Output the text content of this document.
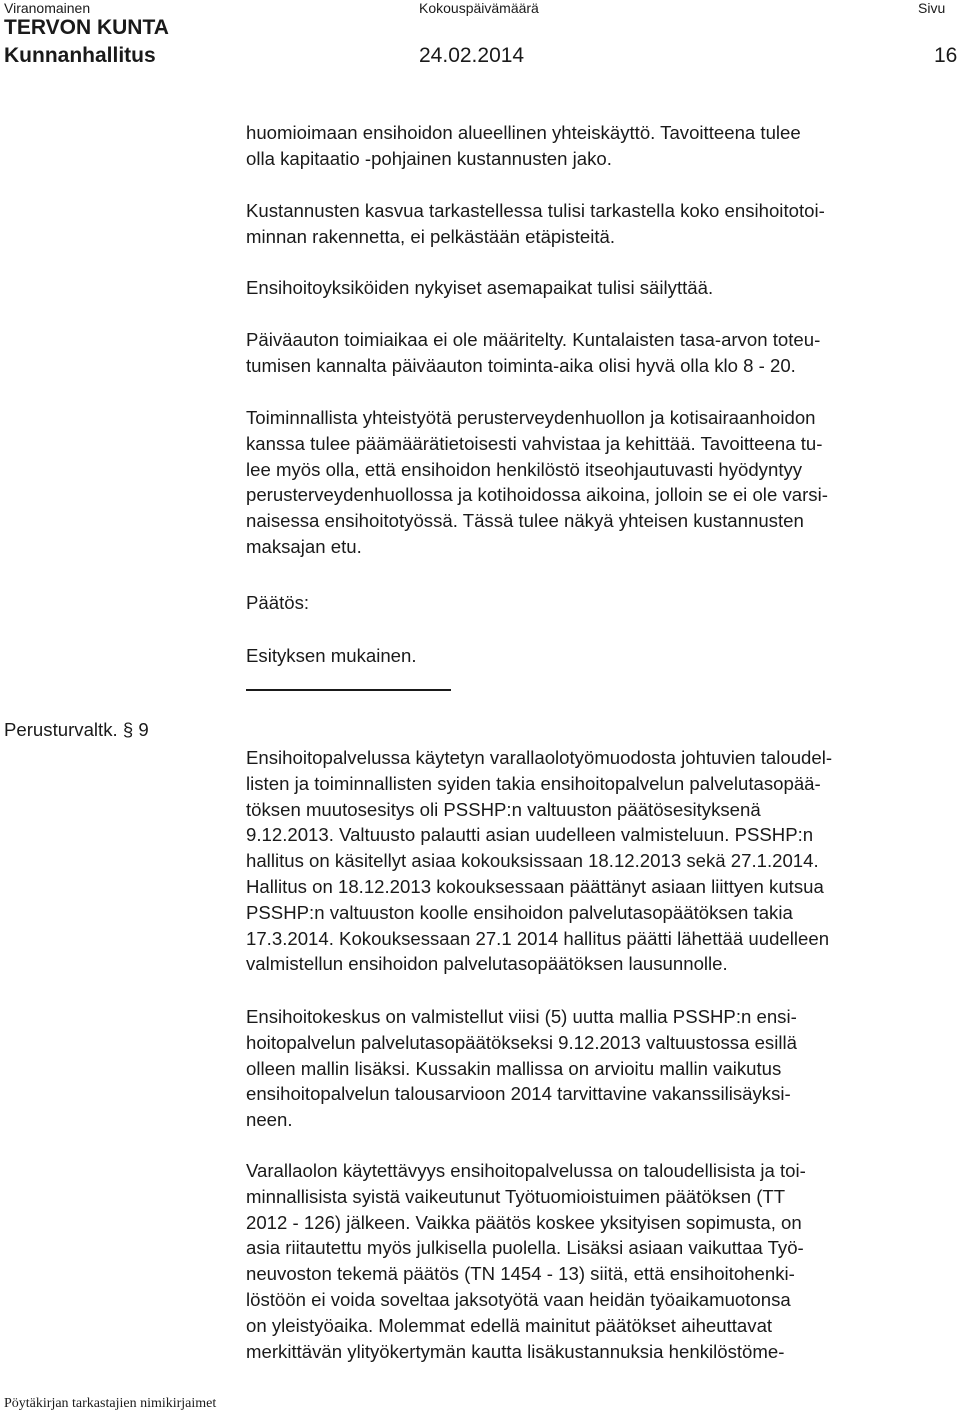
Viranomainen	Kokouspäivämäärä	Sivu
TERVON KUNTA
Kunnanhallitus	24.02.2014	16
huomioimaan ensihoidon alueellinen yhteiskäyttö. Tavoitteena tulee
olla kapitaatio -pohjainen kustannusten jako.
Kustannusten kasvua tarkastellessa tulisi tarkastella koko ensihoitotoi-
minnan rakennetta, ei pelkästään etäpisteitä.
Ensihoitoyksiköiden nykyiset asemapaikat tulisi säilyttää.
Päiväauton toimiaikaa ei ole määritelty. Kuntalaisten tasa-arvon toteu-
tumisen kannalta päiväauton toiminta-aika olisi hyvä olla klo 8 - 20.
Toiminnallista yhteistyötä perusterveydenhuollon ja kotisairaanhoidon
kanssa tulee päämäärätietoisesti vahvistaa ja kehittää. Tavoitteena tu-
lee myös olla, että ensihoidon henkilöstö itseohjautuvasti hyödyntyy
perusterveydenhuollossa ja kotihoidossa aikoina, jolloin se ei ole varsi-
naisessa ensihoitotyössä. Tässä tulee näkyä yhteisen kustannusten
maksajan etu.
Päätös:
Esityksen mukainen.
Perusturvaltk. § 9
Ensihoitopalvelussa käytetyn varallaolotyömuodosta johtuvien taloudel-
listen ja toiminnallisten syiden takia ensihoitopalvelun palvelutasopää-
töksen muutosesitys oli PSSHP:n valtuuston päätösesityksenä
9.12.2013. Valtuusto palautti asian uudelleen valmisteluun. PSSHP:n
hallitus on käsitellyt asiaa kokouksissaan 18.12.2013 sekä 27.1.2014.
Hallitus on 18.12.2013 kokouksessaan päättänyt asiaan liittyen kutsua
PSSHP:n valtuuston koolle ensihoidon palvelutasopäätöksen takia
17.3.2014. Kokouksessaan 27.1 2014 hallitus päätti lähettää uudelleen
valmistellun ensihoidon palvelutasopäätöksen lausunnolle.
Ensihoitokeskus on valmistellut viisi (5) uutta mallia PSSHP:n ensi-
hoitopalvelun palvelutasopäätökseksi 9.12.2013 valtuustossa esillä
olleen mallin lisäksi. Kussakin mallissa on arvioitu mallin vaikutus
ensihoitopalvelun talousarvioon 2014 tarvittavine vakanssilisäyksi-
neen.
Varallaolon käytettävyys ensihoitopalvelussa on taloudellisista ja toi-
minnallisista syistä vaikeutunut Työtuomioistuimen päätöksen (TT
2012 - 126) jälkeen. Vaikka päätös koskee yksityisen sopimusta, on
asia riitautettu myös julkisella puolella. Lisäksi asiaan vaikuttaa Työ-
neuvoston tekemä päätös (TN 1454 - 13) siitä, että ensihoitohenki-
löstöön ei voida soveltaa jaksotyötä vaan heidän työaikamuotonsa
on yleistyöaika. Molemmat edellä mainitut päätökset aiheuttavat
merkittävän ylityökertymän kautta lisäkustannuksia henkilöstöme-
Pöytäkirjan tarkastajien nimikirjaimet
